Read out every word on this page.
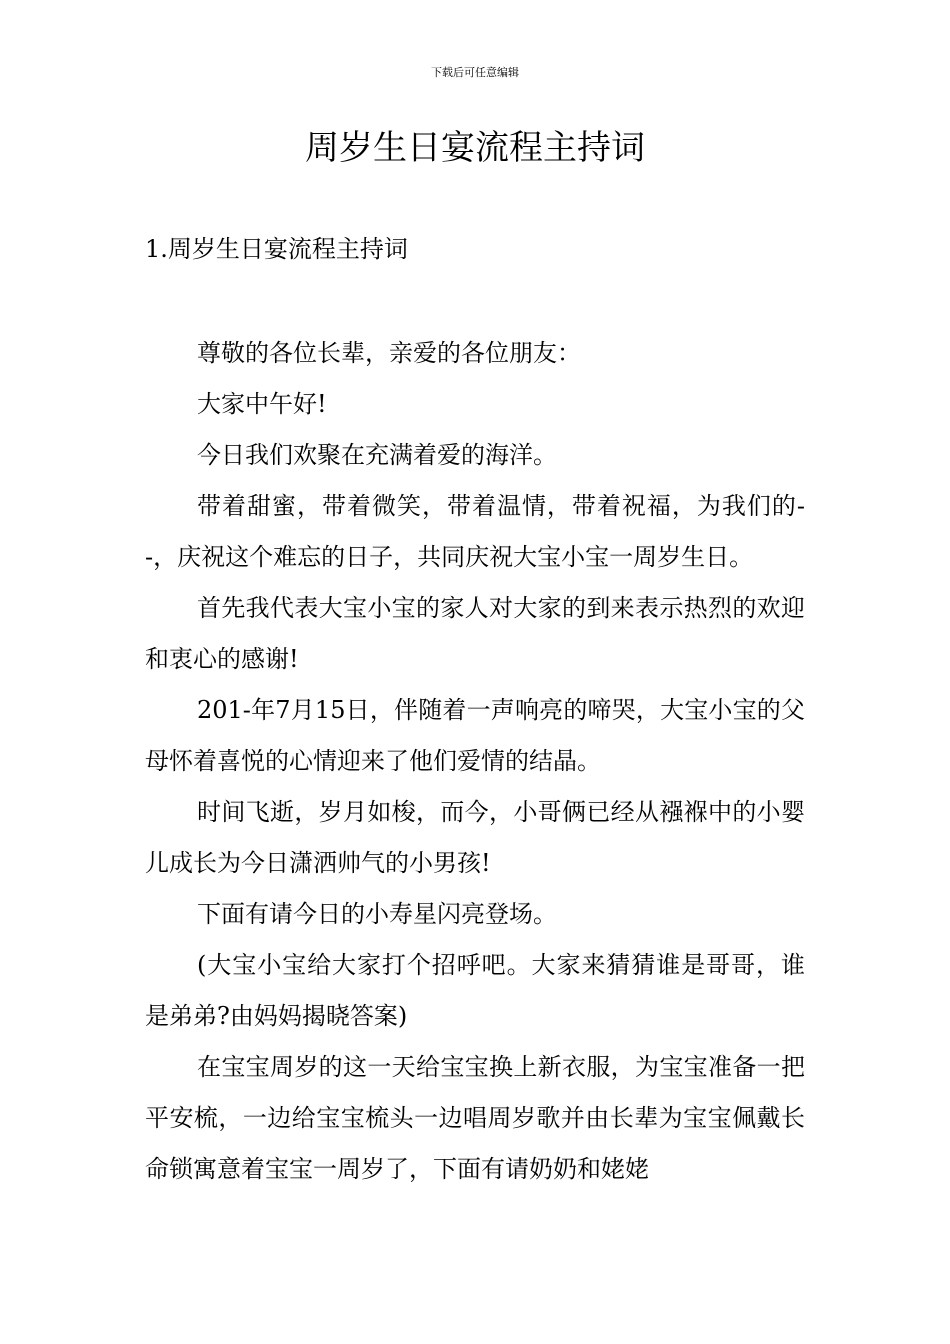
下载后可任意编辑
周岁生日宴流程主持词
1.周岁生日宴流程主持词

尊敬的各位长辈，亲爱的各位朋友：

大家中午好!

今日我们欢聚在充满着爱的海洋。

带着甜蜜，带着微笑，带着温情，带着祝福，为我们的--，庆祝这个难忘的日子，共同庆祝大宝小宝一周岁生日。

首先我代表大宝小宝的家人对大家的到来表示热烈的欢迎和衷心的感谢!

201-年7月15日，伴随着一声响亮的啼哭，大宝小宝的父母怀着喜悦的心情迎来了他们爱情的结晶。

时间飞逝，岁月如梭，而今，小哥俩已经从襁褓中的小婴儿成长为今日潇洒帅气的小男孩!

下面有请今日的小寿星闪亮登场。

(大宝小宝给大家打个招呼吧。大家来猜猜谁是哥哥，谁是弟弟?由妈妈揭晓答案)

在宝宝周岁的这一天给宝宝换上新衣服，为宝宝准备一把平安梳，一边给宝宝梳头一边唱周岁歌并由长辈为宝宝佩戴长命锁寓意着宝宝一周岁了，下面有请奶奶和姥姥
